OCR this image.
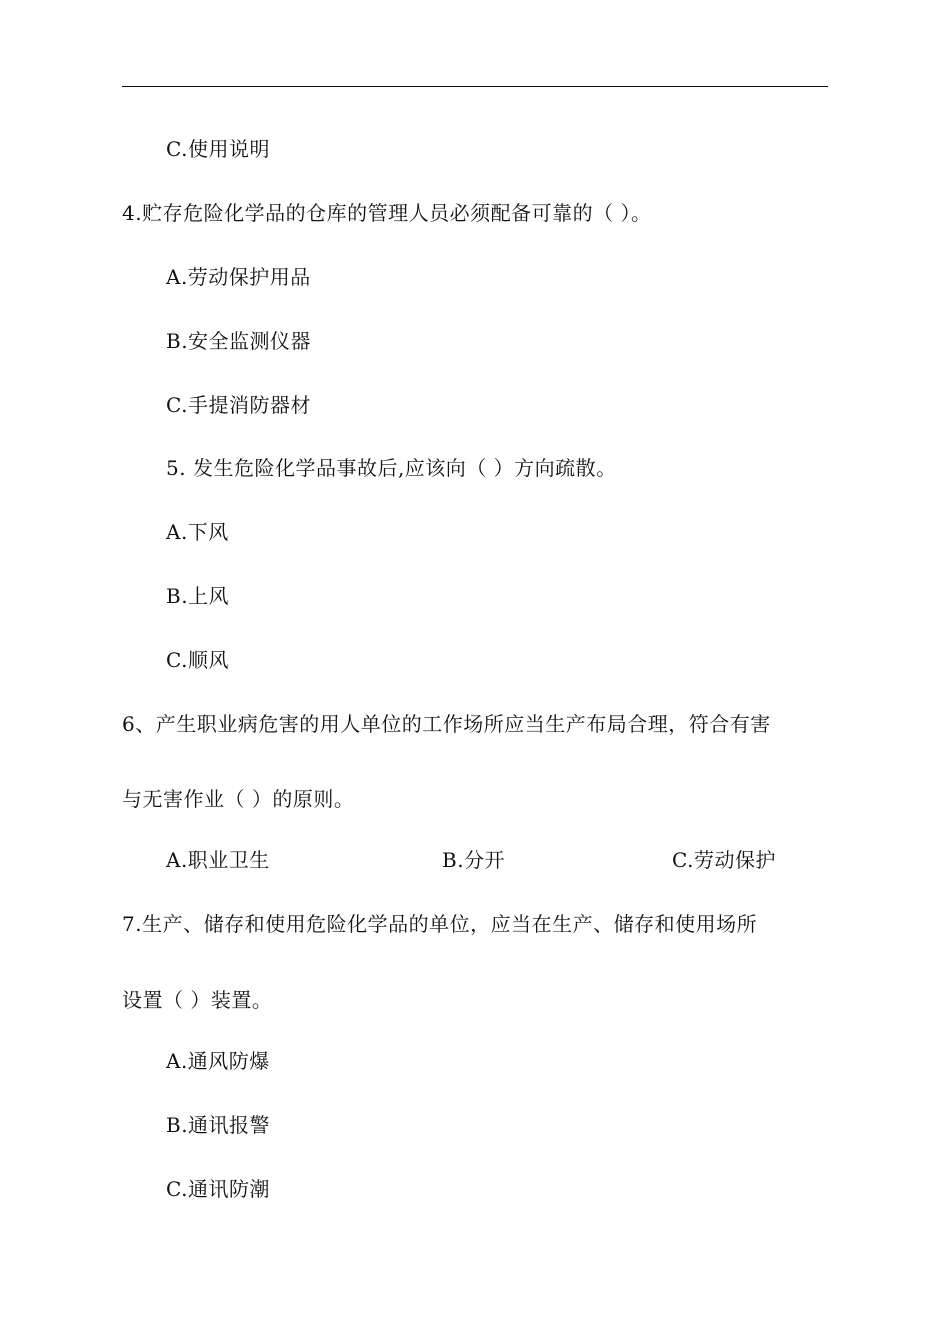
C.使用说明
4.贮存危险化学品的仓库的管理人员必须配备可靠的（ ）。
A.劳动保护用品
B.安全监测仪器
C.手提消防器材
5. 发生危险化学品事故后,应该向（ ）方向疏散。
A.下风
B.上风
C.顺风
6、产生职业病危害的用人单位的工作场所应当生产布局合理，符合有害
与无害作业（ ）的原则。
A.职业卫生	B.分开	C.劳动保护
7.生产、储存和使用危险化学品的单位，应当在生产、储存和使用场所
设置（ ）装置。
A.通风防爆
B.通讯报警
C.通讯防潮
